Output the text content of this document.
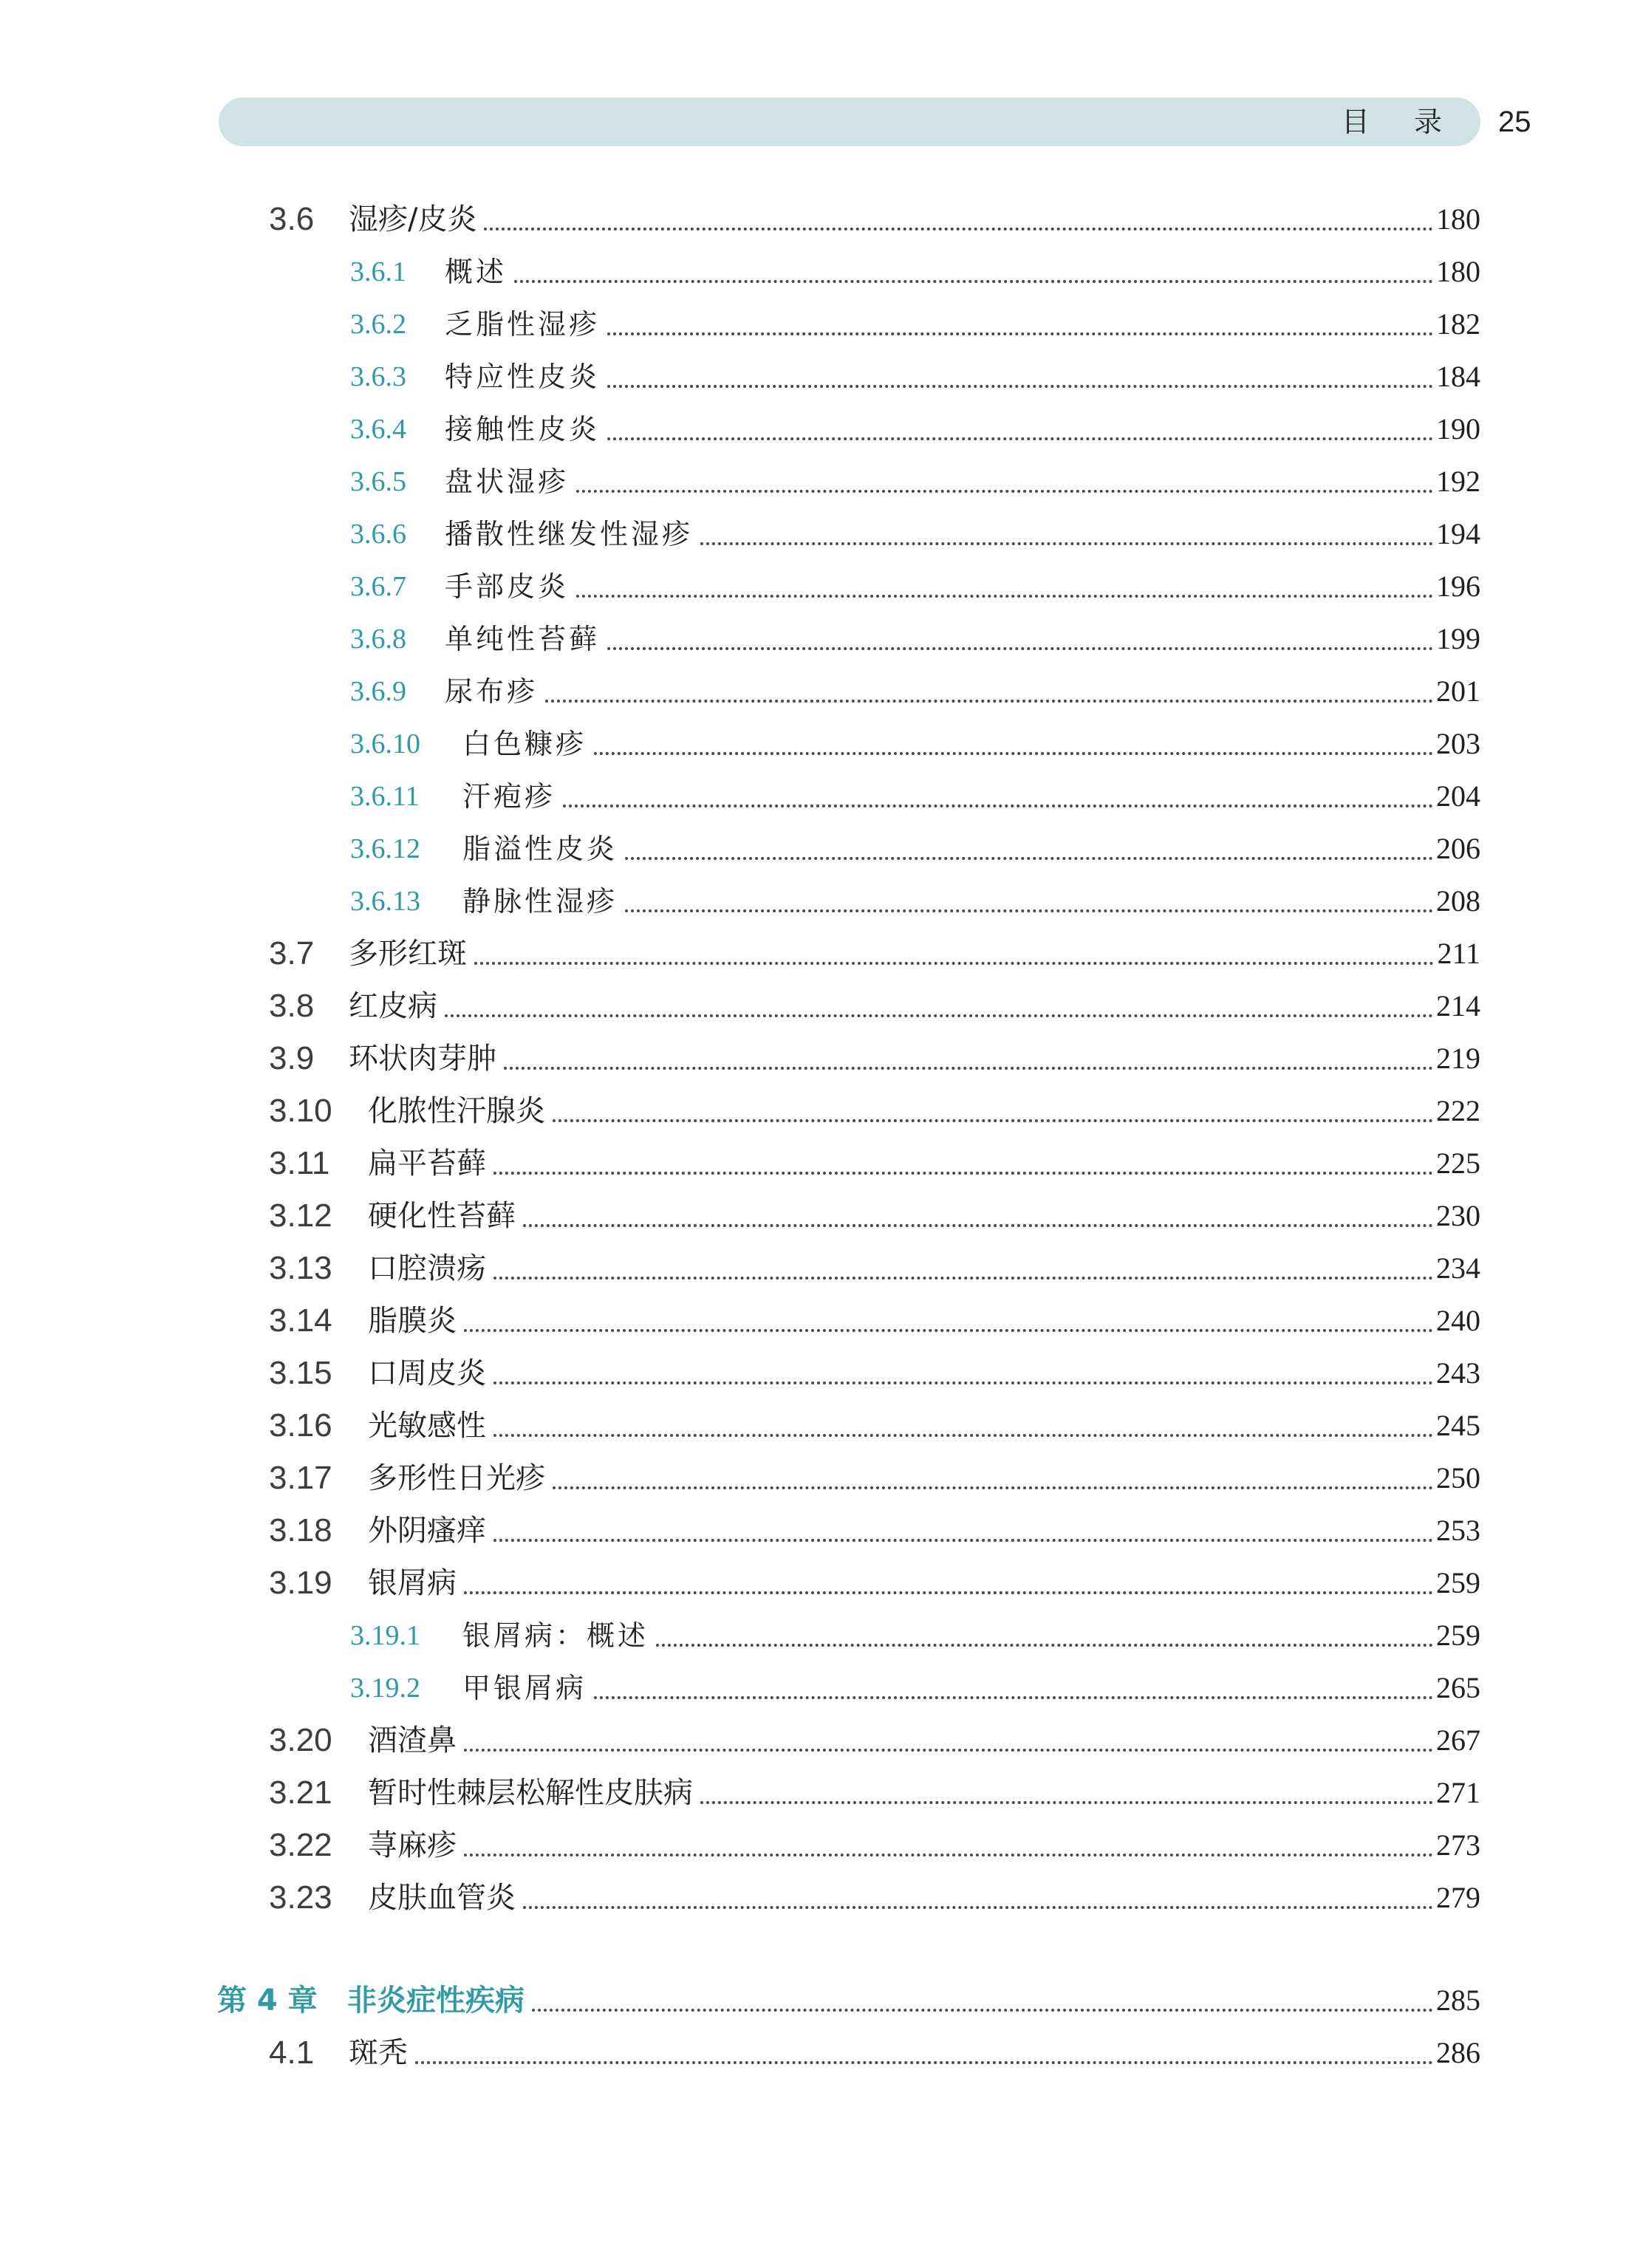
目 录 25
3.6 湿疹/皮炎	180
3.6.1 概述	180
3.6.2 乏脂性湿疹	182
3.6.3 特应性皮炎	184
3.6.4 接触性皮炎	190
3.6.5 盘状湿疹	192
3.6.6 播散性继发性湿疹	194
3.6.7 手部皮炎	196
3.6.8 单纯性苔藓	199
3.6.9 尿布疹	201
3.6.10 白色糠疹	203
3.6.11 汗疱疹	204
3.6.12 脂溢性皮炎	206
3.6.13 静脉性湿疹	208
3.7 多形红斑	211
3.8 红皮病	214
3.9 环状肉芽肿	219
3.10 化脓性汗腺炎	222
3.11 扁平苔藓	225
3.12 硬化性苔藓	230
3.13 口腔溃疡	234
3.14 脂膜炎	240
3.15 口周皮炎	243
3.16 光敏感性	245
3.17 多形性日光疹	250
3.18 外阴瘙痒	253
3.19 银屑病	259
3.19.1 银屑病：概述	259
3.19.2 甲银屑病	265
3.20 酒渣鼻	267
3.21 暂时性棘层松解性皮肤病	271
3.22 荨麻疹	273
3.23 皮肤血管炎	279
第 4 章 非炎症性疾病	285
4.1 斑秃	286
